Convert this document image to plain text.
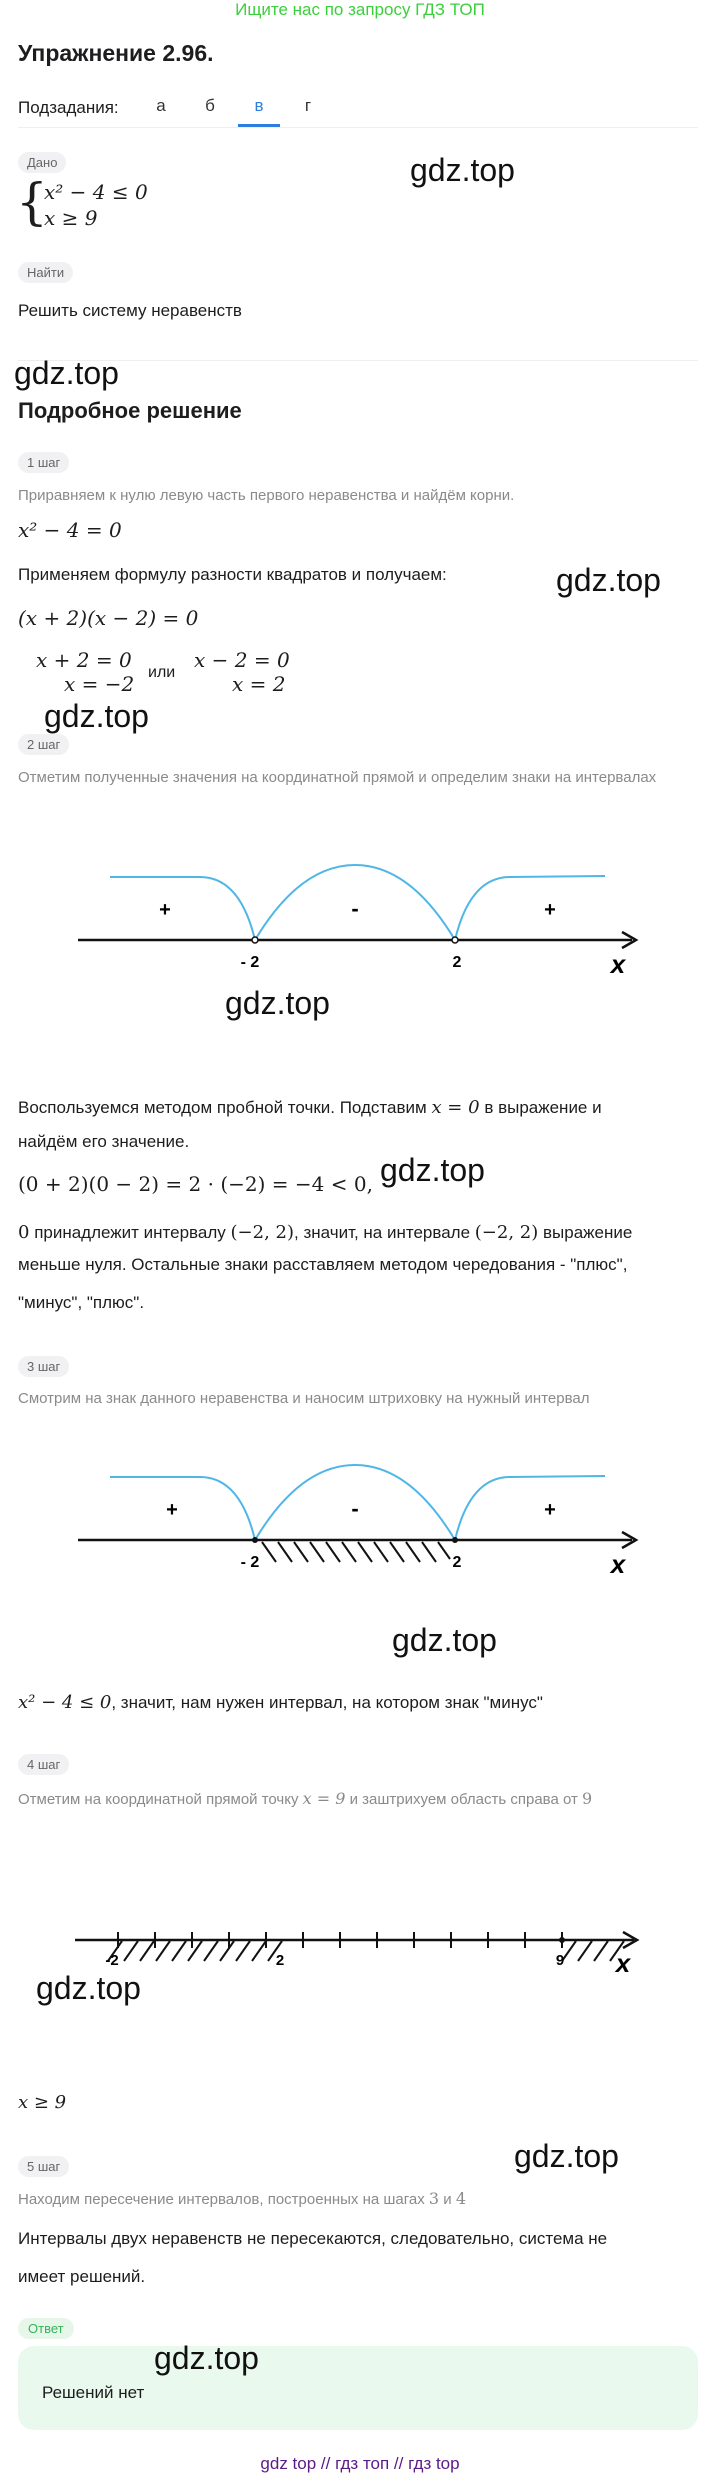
Ищите нас по запросу ГДЗ ТОП
Упражнение 2.96.
Подзадания:	а	б	в	г
Дано
{
x² − 4 ≤ 0
x ≥ 9
gdz.top
Найти
Решить систему неравенств
gdz.top
Подробное решение
1 шаг
Приравняем к нулю левую часть первого неравенства и найдём корни.
x² − 4 = 0
Применяем формулу разности квадратов и получаем:	gdz.top
(x + 2)(x − 2) = 0
x + 2 = 0
x = −2 или
x − 2 = 0
x = 2
gdz.top
2 шаг
Отметим полученные значения на координатной прямой и определим знаки на интервалах
+	-	+
- 2	2	x
gdz.top
Воспользуемся методом пробной точки. Подставим x = 0 в выражение и
найдём его значение.
(0 + 2)(0 − 2) = 2 · (−2) = −4 < 0, gdz.top
0 принадлежит интервалу (−2, 2), значит, на интервале (−2, 2) выражение
меньше нуля. Остальные знаки расставляем методом чередования - "плюс",
"минус", "плюс".
3 шаг
Смотрим на знак данного неравенства и наносим штриховку на нужный интервал
+	-	+
- 2	2	x
gdz.top
x² − 4 ≤ 0, значит, нам нужен интервал, на котором знак "минус"
4 шаг
Отметим на координатной прямой точку x = 9 и заштрихуем область справа от 9
-2	2	9 x
gdz.top
x ≥ 9
5 шаг	gdz.top
Находим пересечение интервалов, построенных на шагах 3 и 4
Интервалы двух неравенств не пересекаются, следовательно, система не
имеет решений.
Ответ
Решений нет
gdz.top
gdz top // гдз топ // гдз top
